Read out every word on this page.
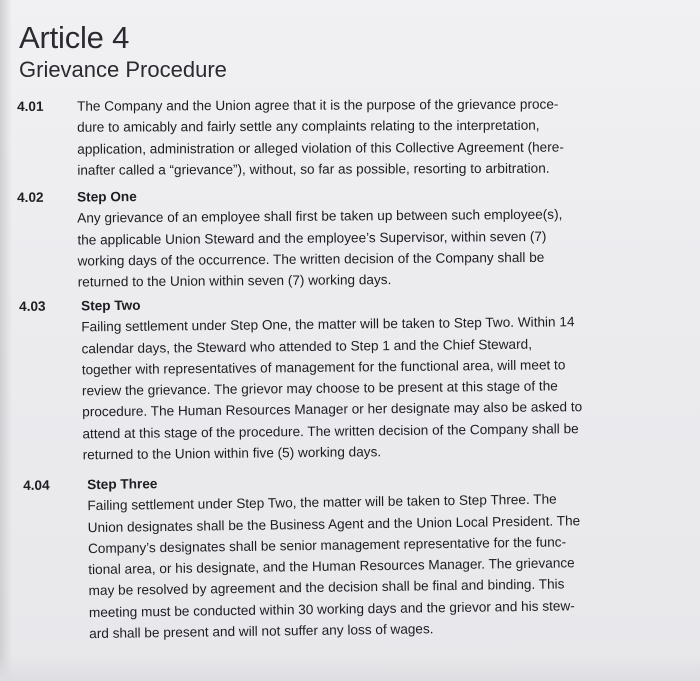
Article 4
Grievance Procedure
4.01 The Company and the Union agree that it is the purpose of the grievance proce-
dure to amicably and fairly settle any complaints relating to the interpretation,
application, administration or alleged violation of this Collective Agreement (here-
inafter called a “grievance”), without, so far as possible, resorting to arbitration.
4.02 Step One
Any grievance of an employee shall first be taken up between such employee(s),
the applicable Union Steward and the employee’s Supervisor, within seven (7)
working days of the occurrence. The written decision of the Company shall be
returned to the Union within seven (7) working days.
4.03	Step Two
Failing settlement under Step One, the matter will be taken to Step Two. Within 14
calendar days, the Steward who attended to Step 1 and the Chief Steward,
together with representatives of management for the functional area, will meet to
review the grievance. The grievor may choose to be present at this stage of the
procedure. The Human Resources Manager or her designate may also be asked to
attend at this stage of the procedure. The written decision of the Company shall be
returned to the Union within five (5) working days.
4.04	Step Three
Failing settlement under Step Two, the matter will be taken to Step Three. The
Union designates shall be the Business Agent and the Union Local President. The
Company’s designates shall be senior management representative for the func-
tional area, or his designate, and the Human Resources Manager. The grievance
may be resolved by agreement and the decision shall be final and binding. This
meeting must be conducted within 30 working days and the grievor and his stew-
ard shall be present and will not suffer any loss of wages.
